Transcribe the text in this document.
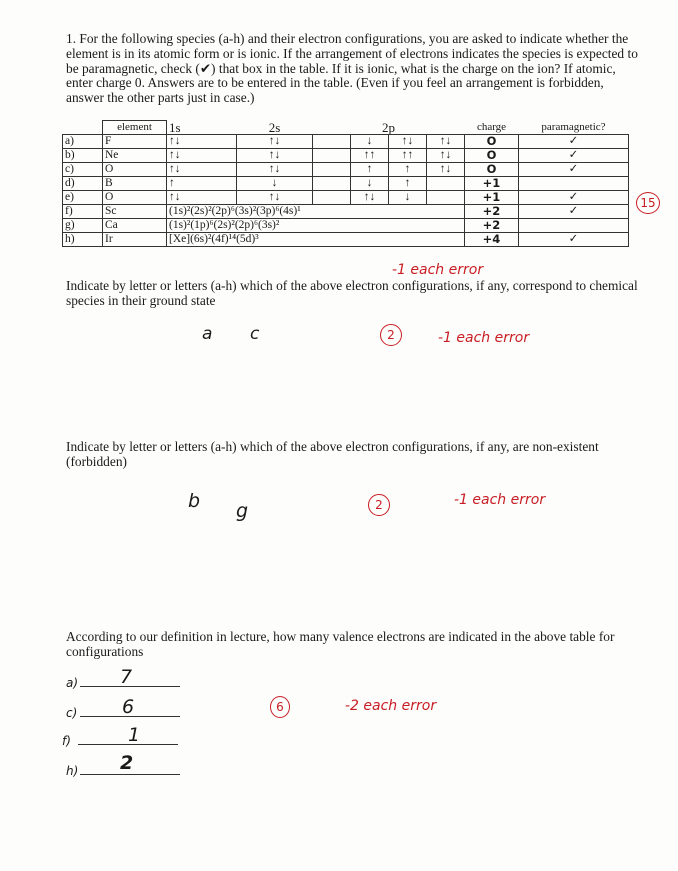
1. For the following species (a-h) and their electron configurations, you are asked to indicate whether the element is in its atomic form or is ionic. If the arrangement of electrons indicates the species is expected to be paramagnetic, check (✔) that box in the table. If it is ionic, what is the charge on the ion? If atomic, enter charge 0. Answers are to be entered in the table. (Even if you feel an arrangement is forbidden, answer the other parts just in case.)
	element	1s	2s		2p			charge	paramagnetic?
a)	F	↑↓	↑↓		↓	↑↓	↑↓	O	✓
b)	Ne	↑↓	↑↓		↑↑	↑↑	↑↓	O	✓
c)	O	↑↓	↑↓		↑	↑	↑↓	O	✓
d)	B	↑	↓		↓	↑		+1	
e)	O	↑↓	↑↓		↑↓	↓		+1	✓
f)	Sc	(1s)²(2s)²(2p)⁶(3s)²(3p)⁶(4s)¹						+2	✓
g)	Ca	(1s)²(1p)⁶(2s)²(2p)⁶(3s)²						+2	
h)	Ir	[Xe](6s)²(4f)¹⁴(5d)³						+4	✓
15
-1 each error
Indicate by letter or letters (a-h) which of the above electron configurations, if any, correspond to chemical species in their ground state
a c	2	-1 each error
Indicate by letter or letters (a-h) which of the above electron configurations, if any, are non-existent (forbidden)
b g	2	-1 each error
According to our definition in lecture, how many valence electrons are indicated in the above table for configurations
a) 7
c) 6
f)	1
h) 2
6	-2 each error
